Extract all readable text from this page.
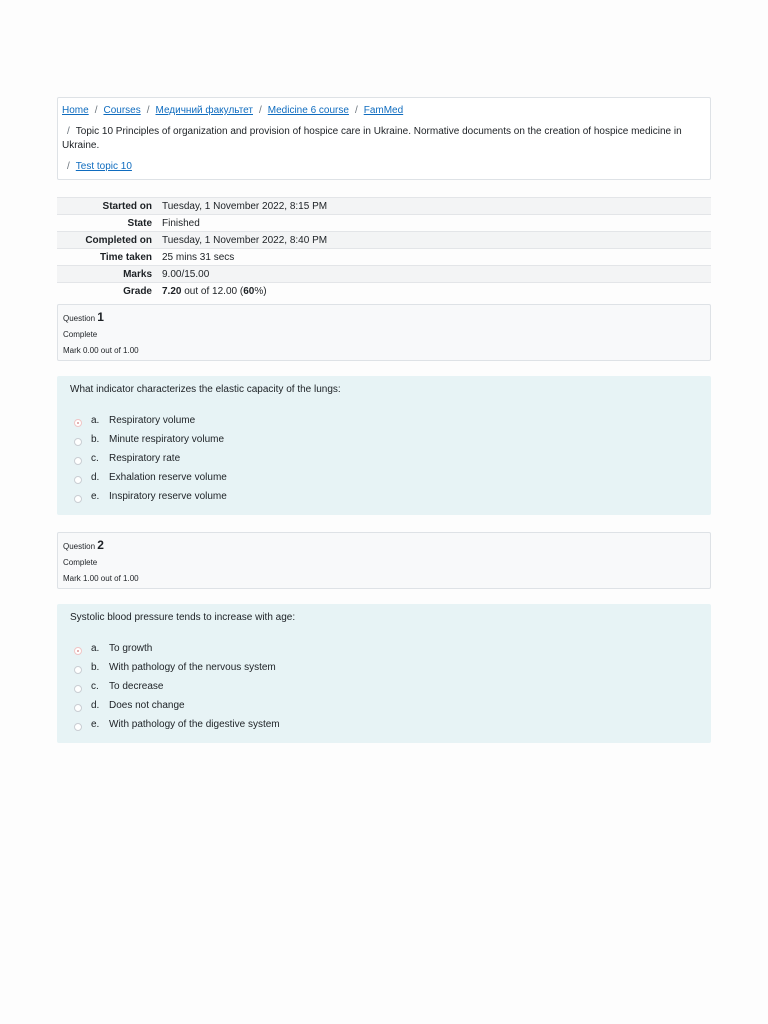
Home / Courses / Медичний факультет / Medicine 6 course / FamMed
/ Topic 10 Principles of organization and provision of hospice care in Ukraine. Normative documents on the creation of hospice medicine in Ukraine.
/ Test topic 10
Started on	Tuesday, 1 November 2022, 8:15 PM
State	Finished
Completed on	Tuesday, 1 November 2022, 8:40 PM
Time taken	25 mins 31 secs
Marks	9.00/15.00
Grade	7.20 out of 12.00 (60%)
Question 1
Complete
Mark 0.00 out of 1.00
What indicator characterizes the elastic capacity of the lungs:
a. Respiratory volume
b. Minute respiratory volume
c.	Respiratory rate
d. Exhalation reserve volume
e. Inspiratory reserve volume
Question 2
Complete
Mark 1.00 out of 1.00
Systolic blood pressure tends to increase with age:
a. To growth
b. With pathology of the nervous system
c.	To decrease
d. Does not change
e. With pathology of the digestive system
